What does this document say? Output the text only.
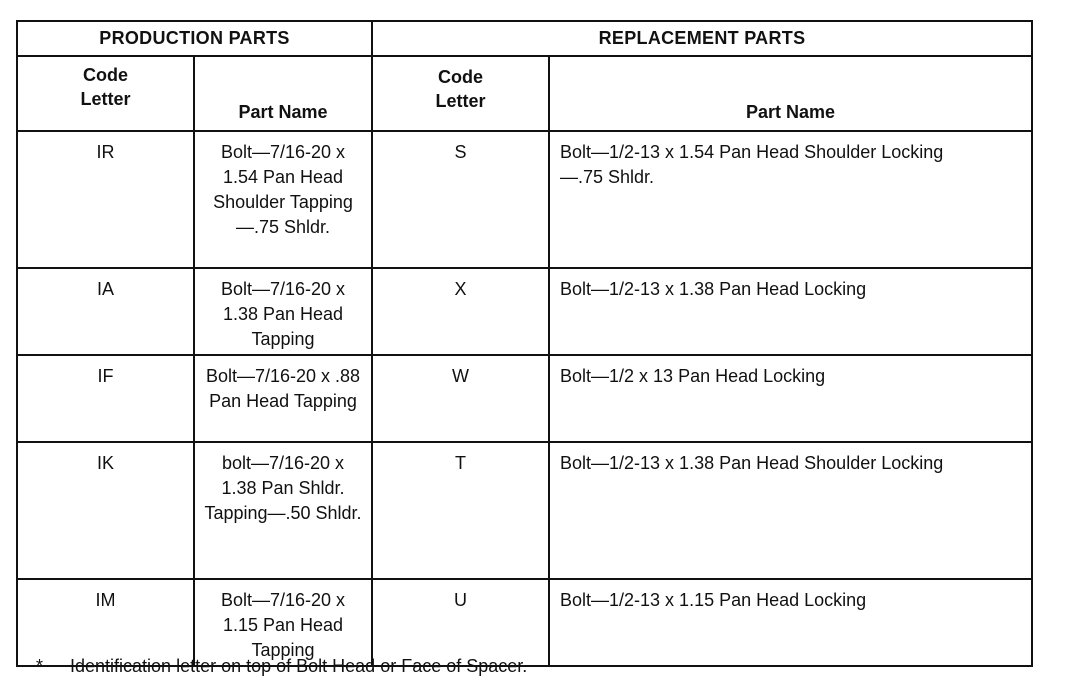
PRODUCTION PARTS		REPLACEMENT PARTS	
Code Letter	Part Name	Code Letter	Part Name
IR	Bolt—7/16-20 x 1.54 Pan Head Shoulder Tapping—.75 Shldr.	S	Bolt—1/2-13 x 1.54 Pan Head Shoulder Locking—.75 Shldr.
IA	Bolt—7/16-20 x 1.38 Pan Head Tapping	X	Bolt—1/2-13 x 1.38 Pan Head Locking
IF	Bolt—7/16-20 x .88 Pan Head Tapping	W	Bolt—1/2 x 13 Pan Head Locking
IK	bolt—7/16-20 x 1.38 Pan Shldr. Tapping—.50 Shldr.	T	Bolt—1/2-13 x 1.38 Pan Head Shoulder Locking
IM	Bolt—7/16-20 x 1.15 Pan Head Tapping	U	Bolt—1/2-13 x 1.15 Pan Head Locking
* Identification letter on top of Bolt Head or Face of Spacer.
